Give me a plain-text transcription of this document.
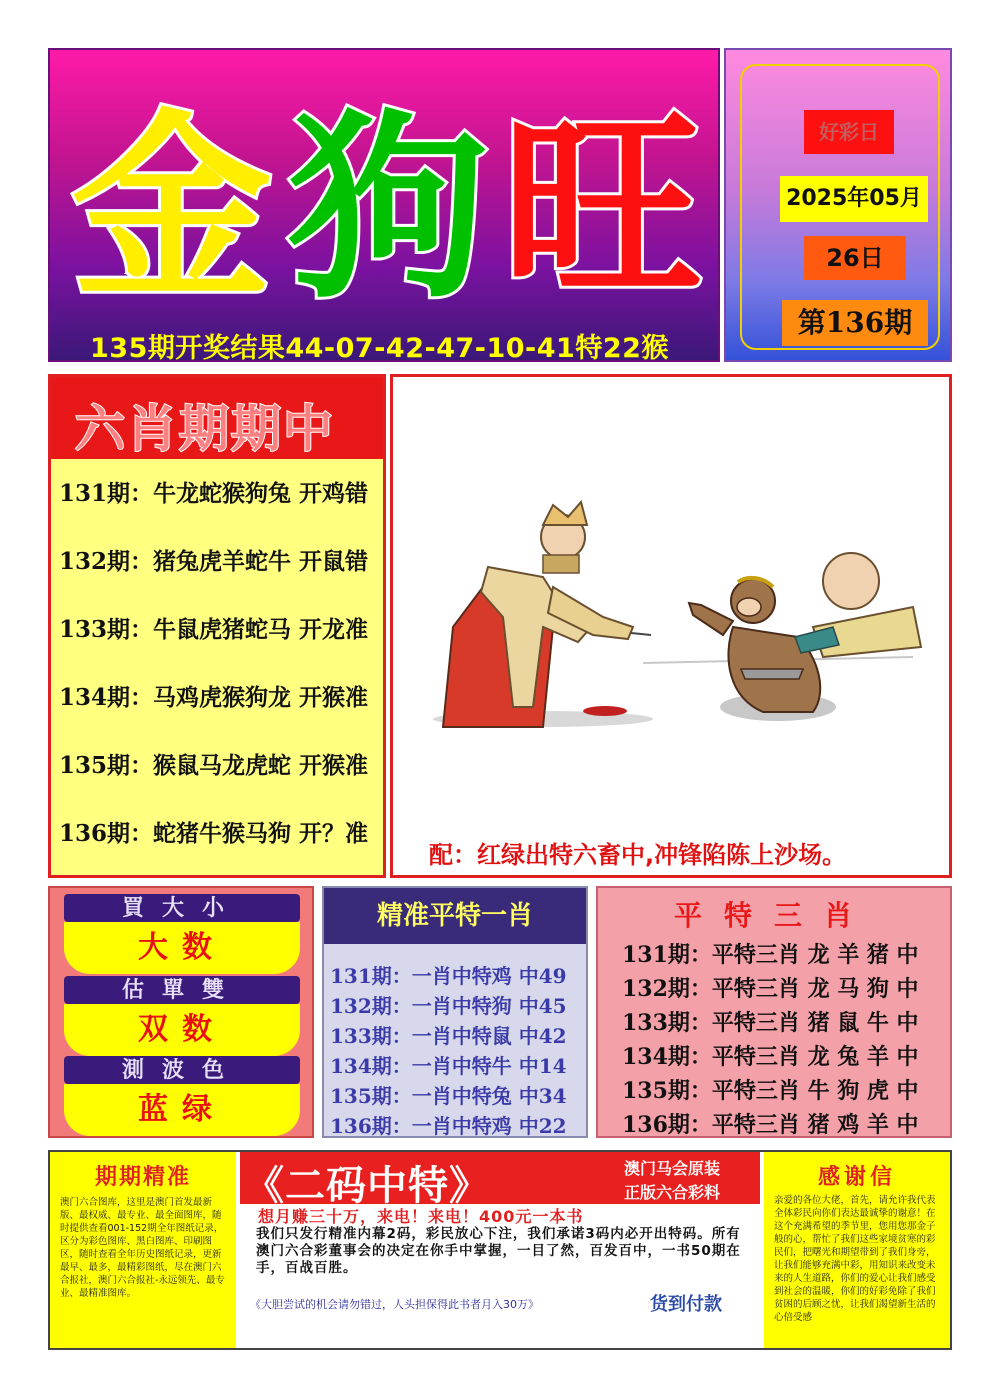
金 狗 旺
135期开奖结果44-07-42-47-10-41特22猴
好彩日
2025年05月
26日
第136期
六肖期期中
131期：牛龙蛇猴狗兔 开鸡错
132期：猪兔虎羊蛇牛 开鼠错
133期：牛鼠虎猪蛇马 开龙准
134期：马鸡虎猴狗龙 开猴准
135期：猴鼠马龙虎蛇 开猴准
136期：蛇猪牛猴马狗 开？准
配：红绿出特六畜中,冲锋陷陈上沙场。
買大小
大数
估單雙
双数
測波色
蓝绿
精准平特一肖
131期：一肖中特鸡 中49
132期：一肖中特狗 中45
133期：一肖中特鼠 中42
134期：一肖中特牛 中14
135期：一肖中特兔 中34
136期：一肖中特鸡 中22
平特三肖
131期：平特三肖 龙 羊 猪 中
132期：平特三肖 龙 马 狗 中
133期：平特三肖 猪 鼠 牛 中
134期：平特三肖 龙 兔 羊 中
135期：平特三肖 牛 狗 虎 中
136期：平特三肖 猪 鸡 羊 中
期期精准
澳门六合图库，这里是澳门首发最新版、最权威、最专业、最全面图库，随时提供查看001-152期全年图纸记录，区分为彩色图库、黑白图库、印刷图区，随时查看全年历史图纸记录，更新最早、最多，最精彩图纸，尽在澳门六合报社，澳门六合报社-永远领先、最专业、最精准图库。
《二码中特》	澳门马会原装
正版六合彩料
想月赚三十万，来电！来电！400元一本书
我们只发行精准内幕2码，彩民放心下注，我们承诺3码内必开出特码。所有澳门六合彩董事会的决定在你手中掌握，一目了然，百发百中，一书50期在手，百战百胜。
《大胆尝试的机会请勿错过，人头担保得此书者月入30万》	货到付款
感谢信
亲爱的各位大佬，首先，请允许我代表全体彩民向你们表达最诚挚的谢意！在这个充满希望的季节里，您用您那金子般的心，帮忙了我们这些家境贫寒的彩民们，把曙光和期望带到了我们身旁，让我们能够充满中彩，用知识来改变未来的人生道路，你们的爱心让我们感受到社会的温暖，你们的好彩免除了我们贫困的后顾之忧，让我们渴望新生活的心倍受感
